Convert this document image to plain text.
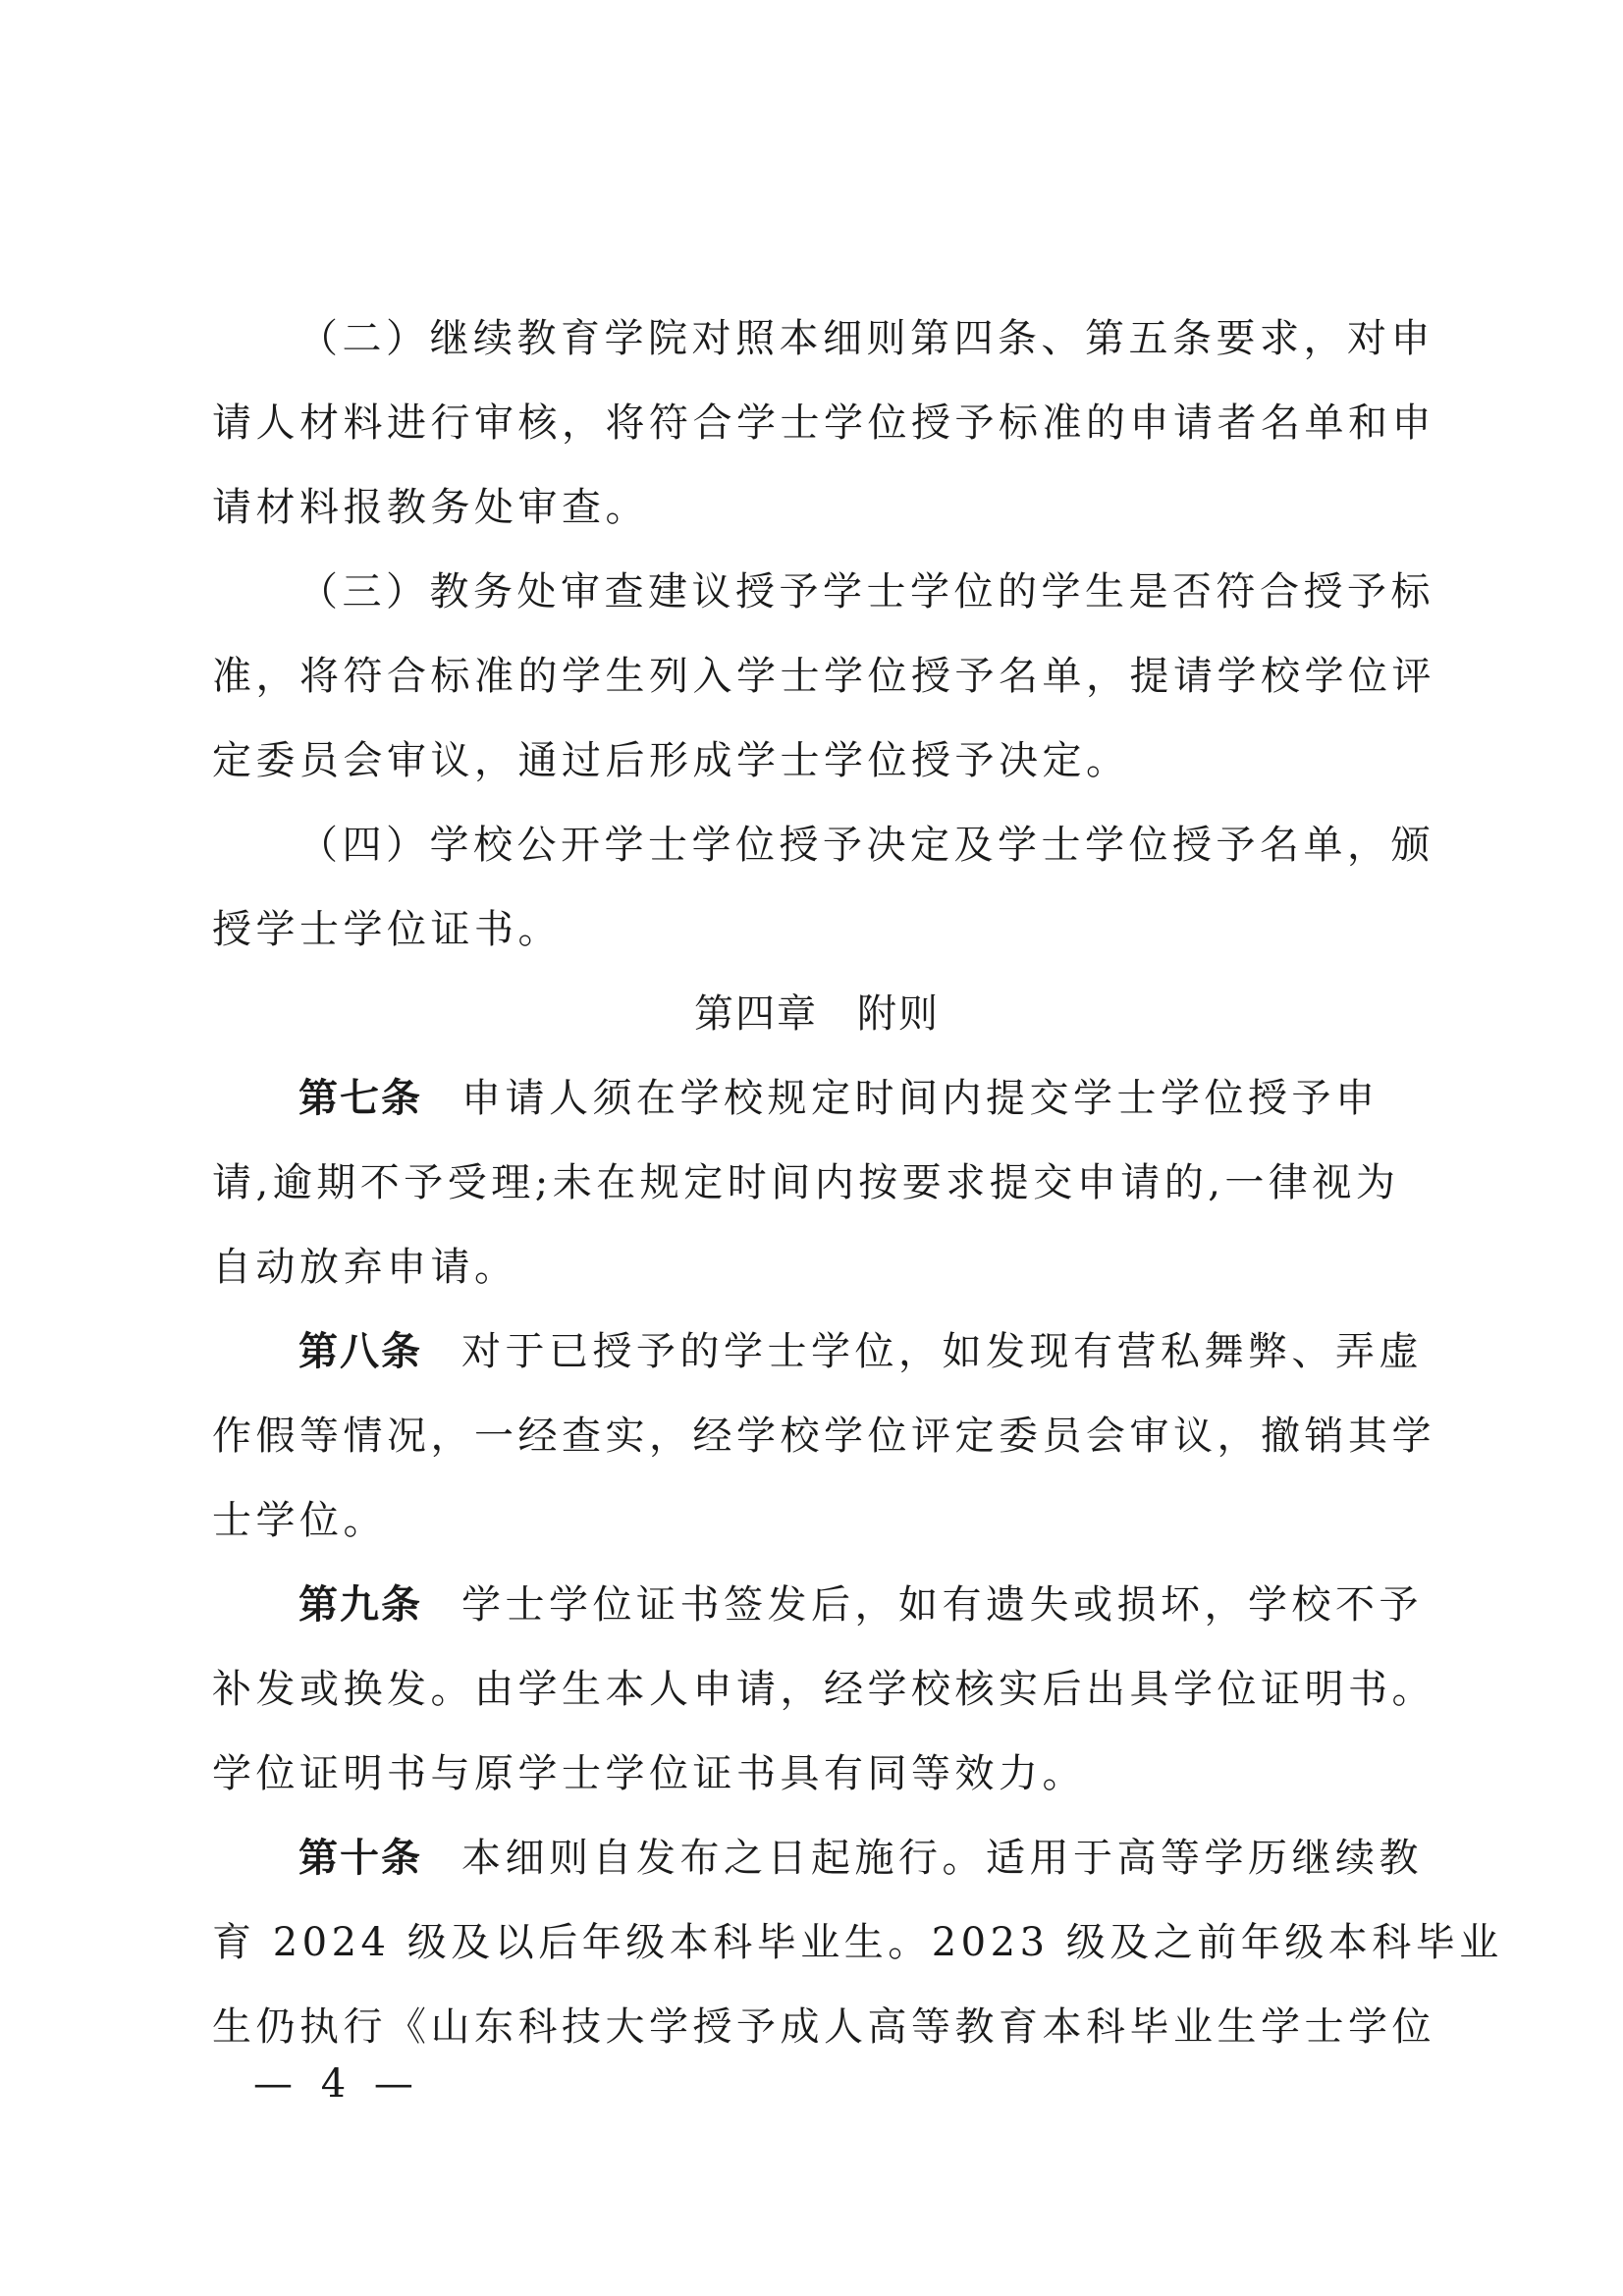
（二）继续教育学院对照本细则第四条、第五条要求，对申
请人材料进行审核，将符合学士学位授予标准的申请者名单和申
请材料报教务处审查。
（三）教务处审查建议授予学士学位的学生是否符合授予标
准，将符合标准的学生列入学士学位授予名单，提请学校学位评
定委员会审议，通过后形成学士学位授予决定。
（四）学校公开学士学位授予决定及学士学位授予名单，颁
授学士学位证书。
第四章 附则
第七条 申请人须在学校规定时间内提交学士学位授予申
请,逾期不予受理;未在规定时间内按要求提交申请的,一律视为
自动放弃申请。
第八条 对于已授予的学士学位，如发现有营私舞弊、弄虚
作假等情况，一经查实，经学校学位评定委员会审议，撤销其学
士学位。
第九条 学士学位证书签发后，如有遗失或损坏，学校不予
补发或换发。由学生本人申请，经学校核实后出具学位证明书。
学位证明书与原学士学位证书具有同等效力。
第十条 本细则自发布之日起施行。适用于高等学历继续教
育 2024 级及以后年级本科毕业生。2023 级及之前年级本科毕业
生仍执行《山东科技大学授予成人高等教育本科毕业生学士学位
— 4 —
